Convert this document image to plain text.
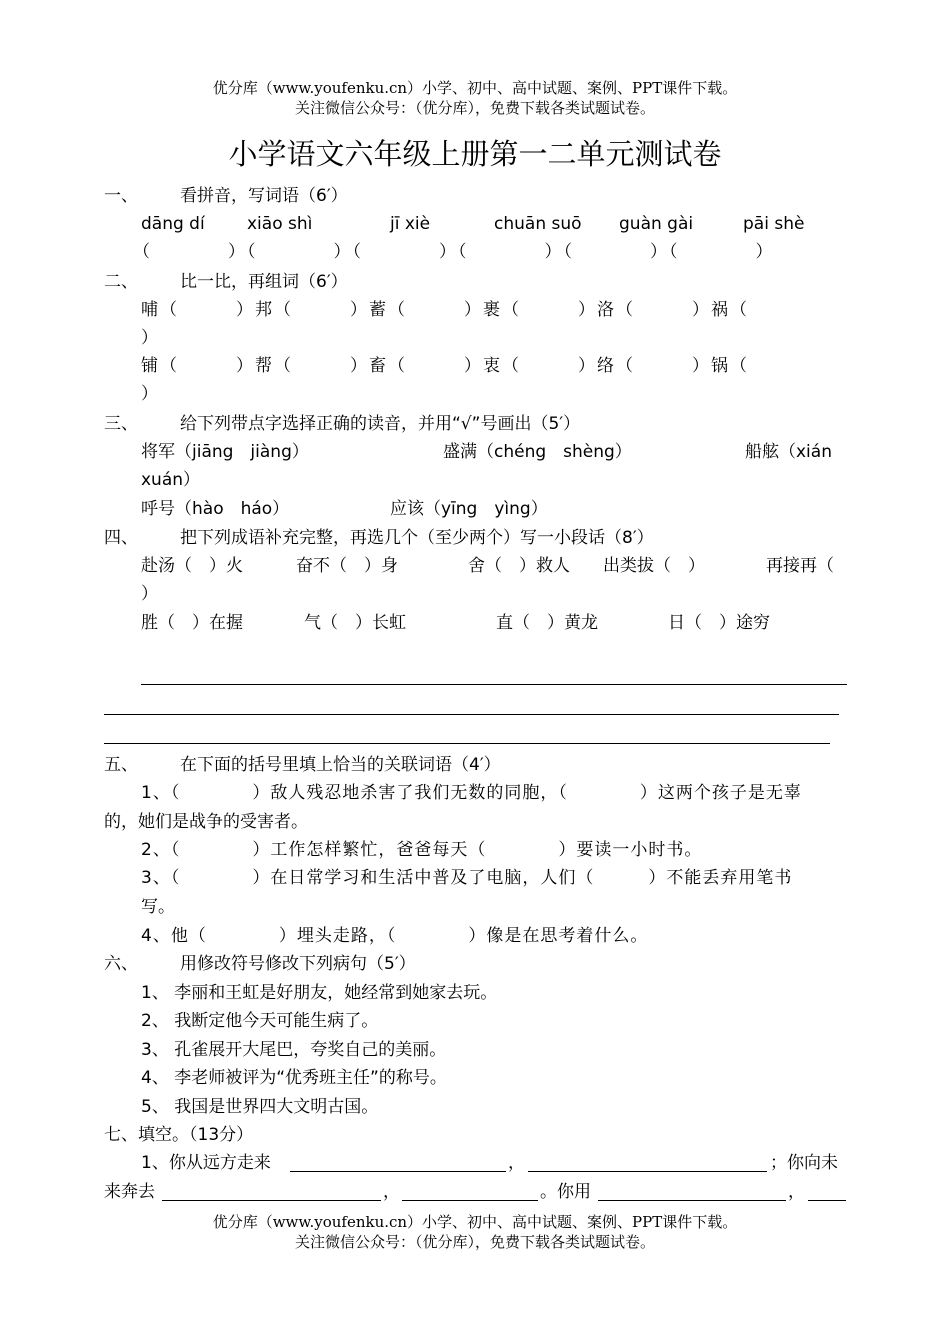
优分库（www.youfenku.cn）小学、初中、高中试题、案例、PPT课件下载。
关注微信公众号：（优分库），免费下载各类试题试卷。
小学语文六年级上册第一二单元测试卷
一、 看拼音，写词语（6′）
dāng dí xiāo shì	jī xiè	chuān suō guàn gài	pāi shè
（　　　　）（　　　　）（　　　　）（　　　　）（　　　　）（　　　　）
二、 比一比，再组词（6′）
哺（　　　）邦（　　　）蓄（　　　）裹（　　　）洛（　　　）祸（
）
铺（　　　）帮（　　　）畜（　　　）衷（　　　）络（　　　）锅（
）
三、 给下列带点字选择正确的读音，并用“√”号画出（5′）
将军（jiāng　jiàng）	盛满（chéng　shèng）	船舷（xián
xuán）
呼号（hào　háo）	应该（yīng　yìng）
四、 把下列成语补充完整，再选几个（至少两个）写一小段话（8′）
赴汤（　）火	奋不（　）身	舍（　）救人 出类拔（　）	再接再（
）
胜（　）在握	气（　）长虹	直（　）黄龙	日（　）途穷
五、 在下面的括号里填上恰当的关联词语（4′）
1、（　　　　）敌人残忍地杀害了我们无数的同胞，（　　　　）这两个孩子是无辜
的，她们是战争的受害者。
2、（　　　　）工作怎样繁忙，爸爸每天（　　　　）要读一小时书。
3、（　　　　）在日常学习和生活中普及了电脑，人们（　　　）不能丢弃用笔书
写。
4、他（　　　　）埋头走路，（　　　　）像是在思考着什么。
六、 用修改符号修改下列病句（5′）
1、 李丽和王虹是好朋友，她经常到她家去玩。
2、 我断定他今天可能生病了。
3、 孔雀展开大尾巴，夸奖自己的美丽。
4、 李老师被评为“优秀班主任”的称号。
5、 我国是世界四大文明古国。
七、填空。（13分）
1、你从远方走来	，	；你向未
来奔去	，	。你用	，
优分库（www.youfenku.cn）小学、初中、高中试题、案例、PPT课件下载。
关注微信公众号：（优分库），免费下载各类试题试卷。
